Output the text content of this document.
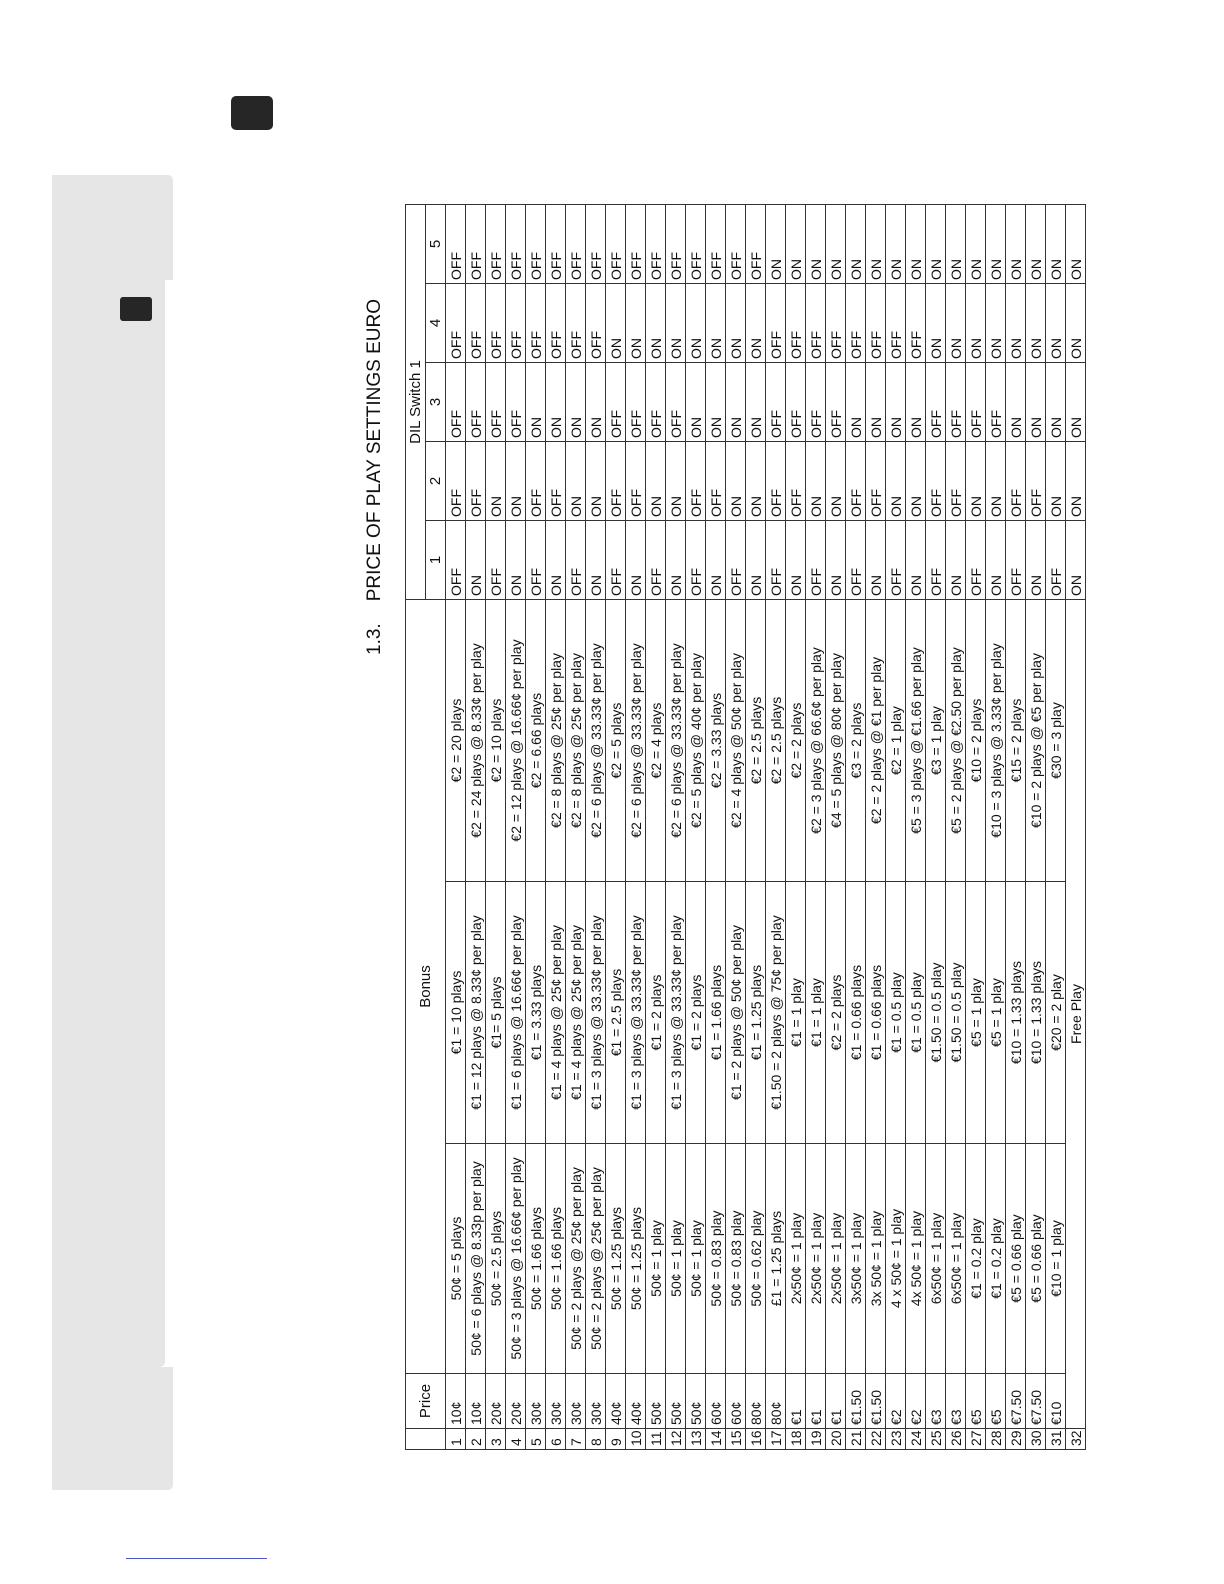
1.3.
PRICE OF PLAY SETTINGS EURO
	Price	Bonus			DIL Switch 1				
					1	2	3	4	5
1	10¢	50¢ = 5 plays	€1 = 10 plays	€2 = 20 plays	OFF	OFF	OFF	OFF	OFF
2	10¢	50¢ = 6 plays @ 8.33p per play	€1 = 12 plays @ 8.33¢ per play	€2 = 24 plays @ 8.33¢ per play	ON	OFF	OFF	OFF	OFF
3	20¢	50¢ = 2.5 plays	€1= 5 plays	€2 = 10 plays	OFF	ON	OFF	OFF	OFF
4	20¢	50¢ = 3 plays @ 16.66¢ per play	€1 = 6 plays @ 16.66¢ per play	€2 = 12 plays @ 16.66¢ per play	ON	ON	OFF	OFF	OFF
5	30¢	50¢ = 1.66 plays	€1 = 3.33 plays	€2 = 6.66 plays	OFF	OFF	ON	OFF	OFF
6	30¢	50¢ = 1.66 plays	€1 = 4 plays @ 25¢ per play	€2 = 8 plays @ 25¢ per play	ON	OFF	ON	OFF	OFF
7	30¢	50¢ = 2 plays @ 25¢ per play	€1 = 4 plays @ 25¢ per play	€2 = 8 plays @ 25¢ per play	OFF	ON	ON	OFF	OFF
8	30¢	50¢ = 2 plays @ 25¢ per play	€1 = 3 plays @ 33.33¢ per play	€2 = 6 plays @ 33.33¢ per play	ON	ON	ON	OFF	OFF
9	40¢	50¢ = 1.25 plays	€1 = 2.5 plays	€2 = 5 plays	OFF	OFF	OFF	ON	OFF
10	40¢	50¢ = 1.25 plays	€1 = 3 plays @ 33.33¢ per play	€2 = 6 plays @ 33.33¢ per play	ON	OFF	OFF	ON	OFF
11	50¢	50¢ = 1 play	€1 = 2 plays	€2 = 4 plays	OFF	ON	OFF	ON	OFF
12	50¢	50¢ = 1 play	€1 = 3 plays @ 33.33¢ per play	€2 = 6 plays @ 33.33¢ per play	ON	ON	OFF	ON	OFF
13	50¢	50¢ = 1 play	€1 = 2 plays	€2 = 5 plays @ 40¢ per play	OFF	OFF	ON	ON	OFF
14	60¢	50¢ = 0.83 play	€1 = 1.66 plays	€2 = 3.33 plays	ON	OFF	ON	ON	OFF
15	60¢	50¢ = 0.83 play	€1 = 2 plays @ 50¢ per play	€2 = 4 plays @ 50¢ per play	OFF	ON	ON	ON	OFF
16	80¢	50¢ = 0.62 play	€1 = 1.25 plays	€2 = 2.5 plays	ON	ON	ON	ON	OFF
17	80¢	£1 = 1.25 plays	€1.50 = 2 plays @ 75¢ per play	€2 = 2.5 plays	OFF	OFF	OFF	OFF	ON
18	€1	2x50¢ = 1 play	€1 = 1 play	€2 = 2 plays	ON	OFF	OFF	OFF	ON
19	€1	2x50¢ = 1 play	€1 = 1 play	€2 = 3 plays @ 66.6¢ per play	OFF	ON	OFF	OFF	ON
20	€1	2x50¢ = 1 play	€2 = 2 plays	€4 = 5 plays @ 80¢ per play	ON	ON	OFF	OFF	ON
21	€1.50	3x50¢ = 1 play	€1 = 0.66 plays	€3 = 2 plays	OFF	OFF	ON	OFF	ON
22	€1.50	3x 50¢ = 1 play	€1 = 0.66 plays	€2 = 2 plays @ €1 per play	ON	OFF	ON	OFF	ON
23	€2	4 x 50¢ = 1 play	€1 = 0.5 play	€2 = 1 play	OFF	ON	ON	OFF	ON
24	€2	4x 50¢ = 1 play	€1 = 0.5 play	€5 = 3 plays @ €1.66 per play	ON	ON	ON	OFF	ON
25	€3	6x50¢ = 1 play	€1.50 = 0.5 play	€3 = 1 play	OFF	OFF	OFF	ON	ON
26	€3	6x50¢ = 1 play	€1.50 = 0.5 play	€5 = 2 plays @ €2.50 per play	ON	OFF	OFF	ON	ON
27	€5	€1 = 0.2 play	€5 = 1 play	€10 = 2 plays	OFF	ON	OFF	ON	ON
28	€5	€1 = 0.2 play	€5 = 1 play	€10 = 3 plays @ 3.33¢ per play	ON	ON	OFF	ON	ON
29	€7.50	€5 = 0.66 play	€10 = 1.33 plays	€15 = 2 plays	OFF	OFF	ON	ON	ON
30	€7.50	€5 = 0.66 play	€10 = 1.33 plays	€10 = 2 plays @ €5 per play	ON	OFF	ON	ON	ON
31	€10	€10 = 1 play	€20 = 2 play	€30 = 3 play	OFF	ON	ON	ON	ON
32	Free Play				ON	ON	ON	ON	ON
